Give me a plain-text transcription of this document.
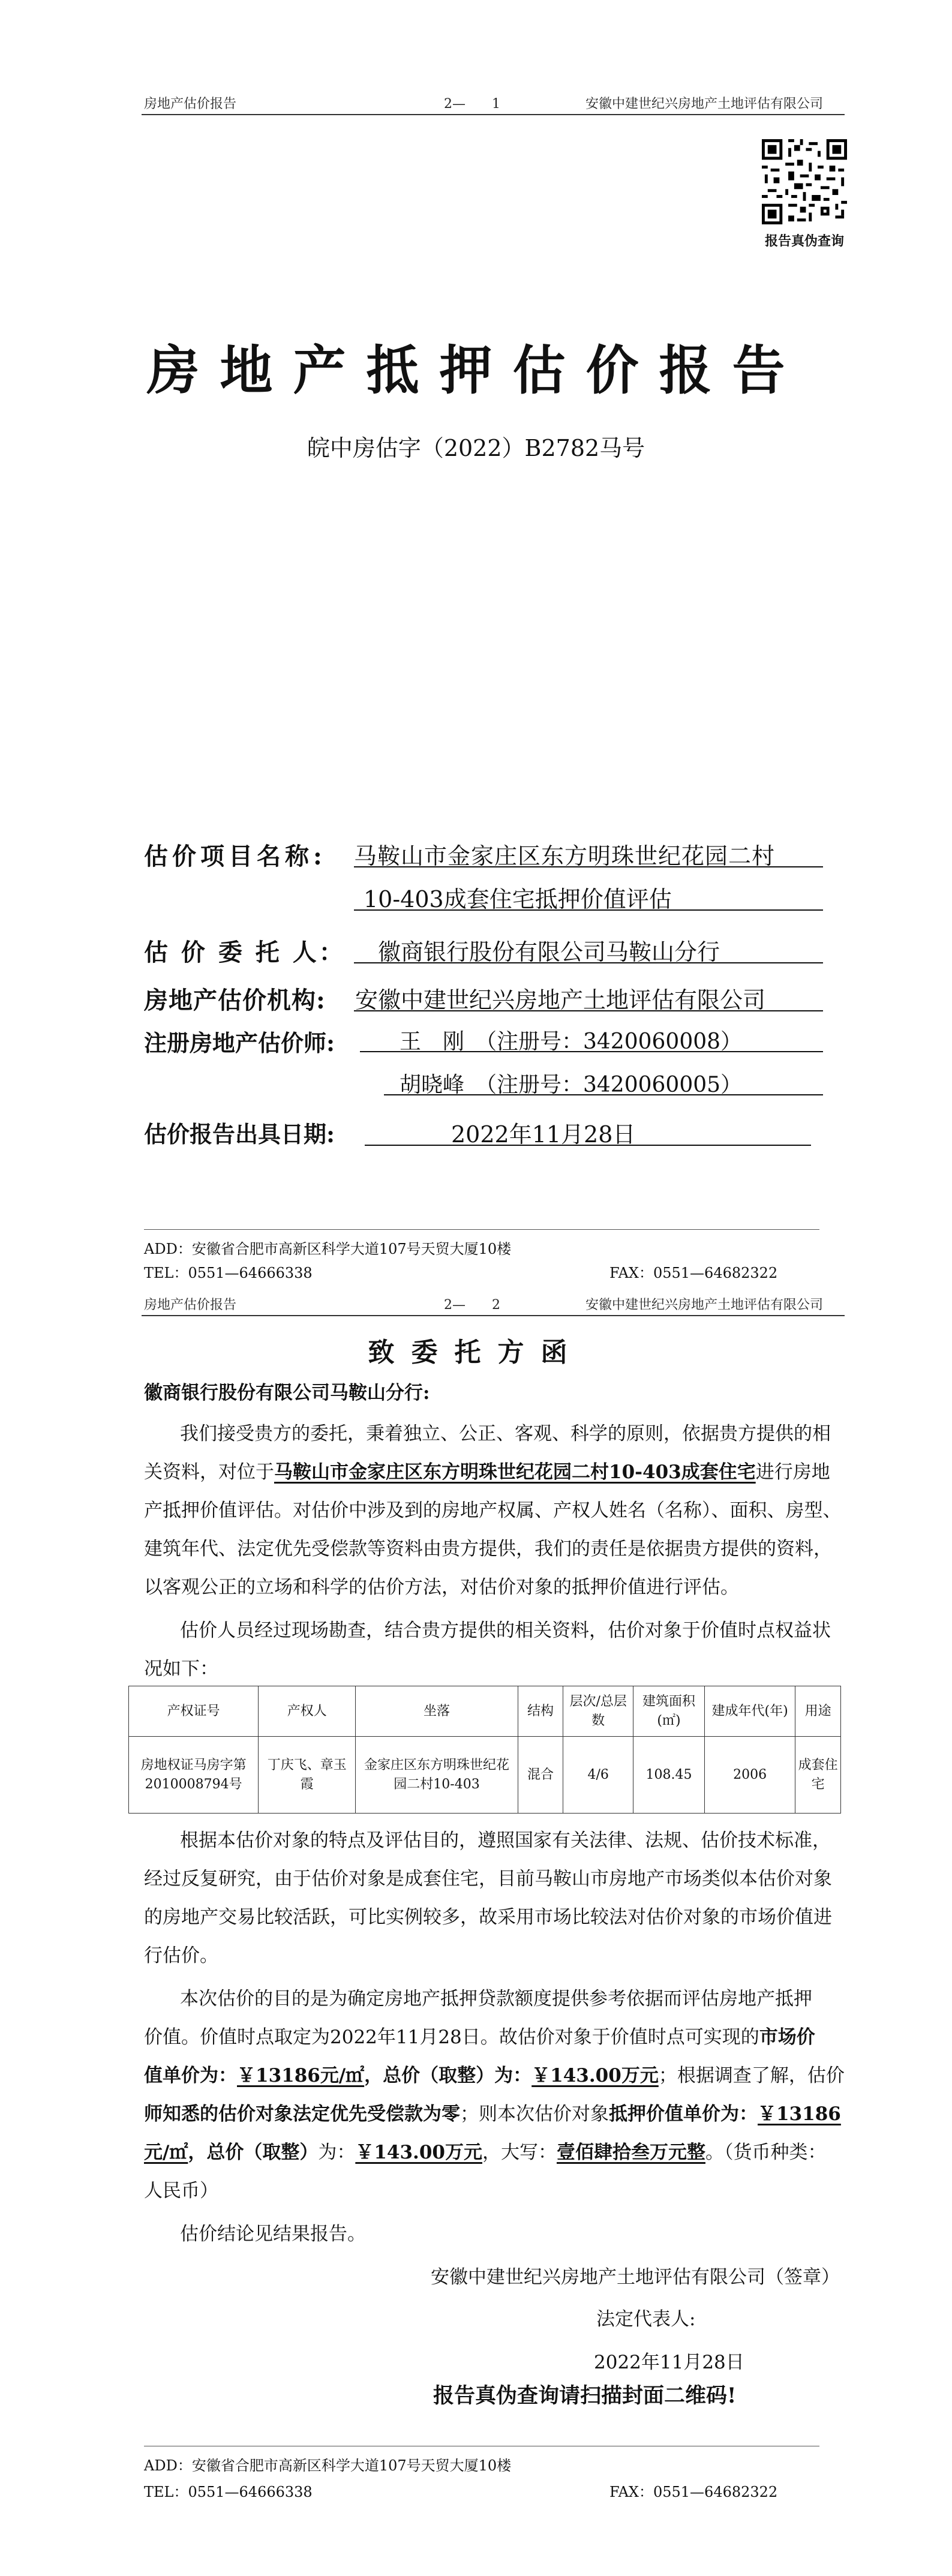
房地产估价报告	2—　　1	安徽中建世纪兴房地产土地评估有限公司
报告真伪查询
房地产抵押估价报告
皖中房估字（2022）B2782马号
估价项目名称: 马鞍山市金家庄区东方明珠世纪花园二村
10-403成套住宅抵押价值评估
估 价 委 托 人： 徽商银行股份有限公司马鞍山分行
房地产估价机构: 安徽中建世纪兴房地产土地评估有限公司
注册房地产估价师:	王　刚　（注册号：3420060008）
胡晓峰　（注册号：3420060005）
估价报告出具日期:	2022年11月28日
ADD：安徽省合肥市高新区科学大道107号天贸大厦10楼
TEL：0551—64666338	FAX：0551—64682322
房地产估价报告	2—　　2	安徽中建世纪兴房地产土地评估有限公司
致委托方函
徽商银行股份有限公司马鞍山分行:
我们接受贵方的委托，秉着独立、公正、客观、科学的原则，依据贵方提供的相
关资料，对位于马鞍山市金家庄区东方明珠世纪花园二村10-403成套住宅进行房地
产抵押价值评估。对估价中涉及到的房地产权属、产权人姓名（名称）、面积、房型、
建筑年代、法定优先受偿款等资料由贵方提供，我们的责任是依据贵方提供的资料，
以客观公正的立场和科学的估价方法，对估价对象的抵押价值进行评估。
估价人员经过现场勘查，结合贵方提供的相关资料，估价对象于价值时点权益状
况如下：
产权证号	产权人	坐落	结构	层次/总层数	建筑面积(㎡)	建成年代(年)	用途
房地权证马房字第2010008794号	丁庆飞、章玉霞	金家庄区东方明珠世纪花园二村10-403	混合	4/6	108.45	2006	成套住宅
根据本估价对象的特点及评估目的，遵照国家有关法律、法规、估价技术标准，
经过反复研究，由于估价对象是成套住宅，目前马鞍山市房地产市场类似本估价对象
的房地产交易比较活跃，可比实例较多，故采用市场比较法对估价对象的市场价值进
行估价。
本次估价的目的是为确定房地产抵押贷款额度提供参考依据而评估房地产抵押
价值。价值时点取定为2022年11月28日。故估价对象于价值时点可实现的市场价
值单价为：￥13186元/㎡，总价（取整）为：￥143.00万元；根据调查了解，估价
师知悉的估价对象法定优先受偿款为零；则本次估价对象抵押价值单价为：￥13186
元/㎡，总价（取整）为：￥143.00万元，大写：壹佰肆拾叁万元整。（货币种类：
人民币）
估价结论见结果报告。
安徽中建世纪兴房地产土地评估有限公司（签章）
法定代表人:
2022年11月28日
报告真伪查询请扫描封面二维码!
ADD：安徽省合肥市高新区科学大道107号天贸大厦10楼
TEL：0551—64666338	FAX：0551—64682322
